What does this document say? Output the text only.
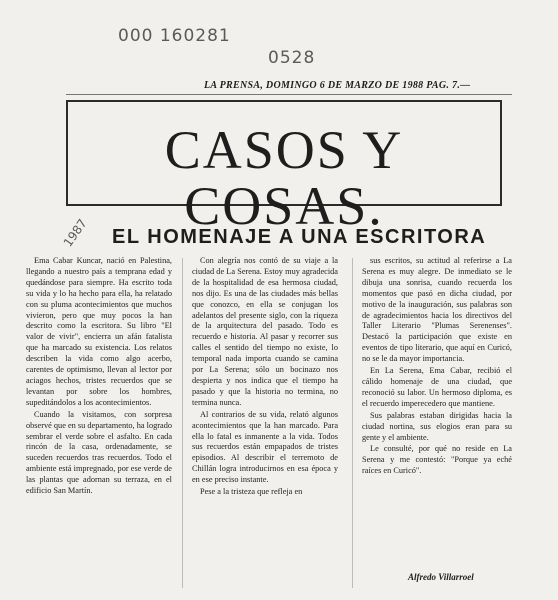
000 160281
0528
1987
LA PRENSA, DOMINGO 6 DE MARZO DE 1988 PAG. 7.—
CASOS Y COSAS.
EL HOMENAJE A UNA ESCRITORA

Ema Cabar Kuncar, nació en Palestina, llegando a nuestro país a temprana edad y quedándose para siempre. Ha escrito toda su vida y lo ha hecho para ella, ha relatado con su pluma acontecimientos que muchos vivieron, pero que muy pocos la han descrito como la escritora. Su libro "El valor de vivir", encierra un afán fatalista que ha marcado su existencia. Los relatos describen la vida como algo acerbo, carentes de optimismo, llevan al lector por aciagos hechos, tristes recuerdos que se levantan por sobre los hombres, supeditándolos a los acontecimientos.

Cuando la visitamos, con sorpresa observé que en su departamento, ha logrado sembrar el verde sobre el asfalto. En cada rincón de la casa, ordenadamente, se suceden recuerdos tras recuerdos. Todo el ambiente está impregnado, por ese verde de las plantas que adornan su terraza, en el edificio San Martín.

Con alegría nos contó de su viaje a la ciudad de La Serena. Estoy muy agradecida de la hospitalidad de esa hermosa ciudad, nos dijo. Es una de las ciudades más bellas que conozco, en ella se conjugan los adelantos del presente siglo, con la riqueza de la arquitectura del pasado. Todo es recuerdo e historia. Al pasar y recorrer sus calles el sentido del tiempo no existe, lo temporal nada importa cuando se camina por La Serena; sólo un bocinazo nos despierta y nos indica que el tiempo ha pasado y que la historia no termina, no termina nunca.

Al contrarios de su vida, relató algunos acontecimientos que la han marcado. Para ella lo fatal es inmanente a la vida. Todos sus recuerdos están empapados de tristes episodios. Al describir el terremoto de Chillán logra introducirnos en esa época y en ese preciso instante.

Pese a la tristeza que refleja en

sus escritos, su actitud al referirse a La Serena es muy alegre. De inmediato se le dibuja una sonrisa, cuando recuerda los momentos que pasó en dicha ciudad, por motivo de la inauguración, sus palabras son de agradecimientos hacia los directivos del Taller Literario "Plumas Serenenses". Destacó la participación que existe en eventos de tipo literario, que aquí en Curicó, no se le da mayor importancia.

En La Serena, Ema Cabar, recibió el cálido homenaje de una ciudad, que reconoció su labor. Un hermoso diploma, es el recuerdo imperecedero que mantiene.

Sus palabras estaban dirigidas hacia la ciudad nortina, sus elogios eran para su gente y el ambiente.

Le consulté, por qué no reside en La Serena y me contestó: "Porque ya eché raíces en Curicó".

Alfredo Villarroel
